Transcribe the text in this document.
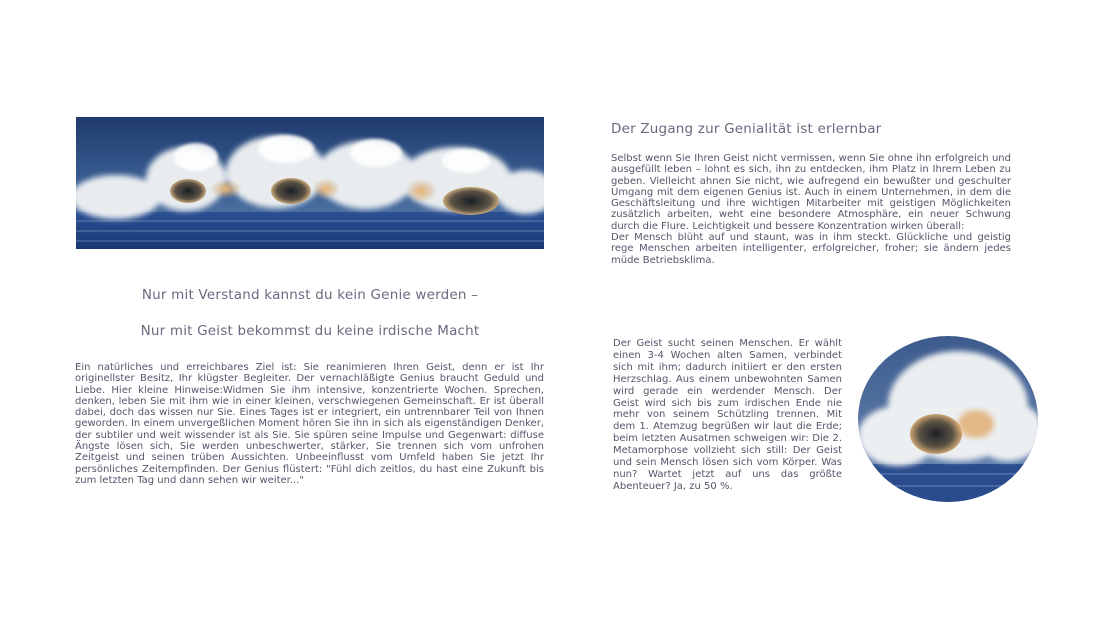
Nur mit Verstand kannst du kein Genie werden –
Nur mit Geist bekommst du keine irdische Macht

Ein natürliches und erreichbares Ziel ist: Sie reanimieren Ihren Geist, denn er ist Ihr originellster Besitz, Ihr klügster Begleiter. Der vernachläßigte Genius braucht Geduld und Liebe. Hier kleine Hinweise:Widmen Sie ihm intensive, konzentrierte Wochen. Sprechen, denken, leben Sie mit ihm wie in einer kleinen, verschwiegenen Gemeinschaft. Er ist überall dabei, doch das wissen nur Sie. Eines Tages ist er integriert, ein untrennbarer Teil von Ihnen geworden. In einem unvergeßlichen Moment hören Sie ihn in sich als eigenständigen Denker, der subtiler und weit wissender ist als Sie. Sie spüren seine Impulse und Gegenwart: diffuse Ängste lösen sich, Sie werden unbeschwerter, stärker, Sie trennen sich vom unfrohen Zeitgeist und seinen trüben Aussichten. Unbeeinflusst vom Umfeld haben Sie jetzt Ihr persönliches Zeitempfinden. Der Genius flüstert: "Fühl dich zeitlos, du hast eine Zukunft bis zum letzten Tag und dann sehen wir weiter..."

Der Zugang zur Genialität ist erlernbar

Selbst wenn Sie Ihren Geist nicht vermissen, wenn Sie ohne ihn erfolgreich und ausgefüllt leben – lohnt es sich, ihn zu entdecken, ihm Platz in Ihrem Leben zu geben. Vielleicht ahnen Sie nicht, wie aufregend ein bewußter und geschulter Umgang mit dem eigenen Genius ist. Auch in einem Unternehmen, in dem die Geschäftsleitung und ihre wichtigen Mitarbeiter mit geistigen Möglichkeiten zusätzlich arbeiten, weht eine besondere Atmosphäre, ein neuer Schwung durch die Flure. Leichtigkeit und bessere Konzentration wirken überall:
Der Mensch blüht auf und staunt, was in ihm steckt. Glückliche und geistig rege Menschen arbeiten intelligenter, erfolgreicher, froher; sie ändern jedes müde Betriebsklima.

Der Geist sucht seinen Menschen. Er wählt einen 3-4 Wochen alten Samen, verbindet sich mit ihm; dadurch initiiert er den ersten Herzschlag. Aus einem unbewohnten Samen wird gerade ein werdender Mensch. Der Geist wird sich bis zum irdischen Ende nie mehr von seinem Schützling trennen. Mit dem 1. Atemzug begrüßen wir laut die Erde; beim letzten Ausatmen schweigen wir: Die 2. Metamorphose vollzieht sich still: Der Geist und sein Mensch lösen sich vom Körper. Was nun? Wartet jetzt auf uns das größte Abenteuer? Ja, zu 50 %.
